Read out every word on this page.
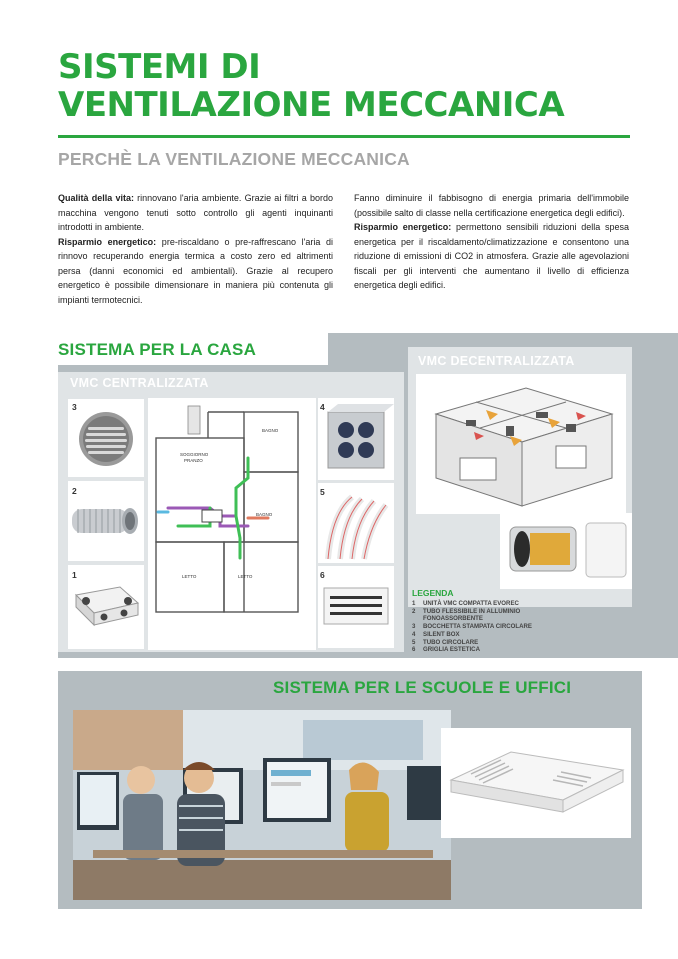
SISTEMI DI
VENTILAZIONE MECCANICA
PERCHÈ LA VENTILAZIONE MECCANICA

Qualità della vita: rinnovano l'aria ambiente. Grazie ai filtri a bordo macchina vengono tenuti sotto controllo gli agenti inquinanti introdotti in ambiente.

Risparmio energetico: pre-riscaldano o pre-raffrescano l'aria di rinnovo recuperando energia termica a costo zero ed altrimenti persa (danni economici ed ambientali). Grazie al recupero energetico è possibile dimensionare in maniera più contenuta gli impianti termotecnici.

Fanno diminuire il fabbisogno di energia primaria dell'immobile (possibile salto di classe nella certificazione energetica degli edifici).

Risparmio energetico: permettono sensibili riduzioni della spesa energetica per il riscaldamento/climatizzazione e consentono una riduzione di emissioni di CO2 in atmosfera. Grazie alle agevolazioni fiscali per gli interventi che aumentano il livello di efficienza energetica degli edifici.

SISTEMA PER LA CASA
VMC CENTRALIZZATA
3
2
1
BAGNO
SOGGIORNO
PRANZO
BAGNO
LETTO	LETTO
4
5
6
VMC DECENTRALIZZATA
LEGENDA
1 UNITÀ VMC COMPATTA EVOREC
2 TUBO FLESSIBILE IN ALLUMINIO
FONOASSORBENTE
3 BOCCHETTA STAMPATA CIRCOLARE
4 SILENT BOX
5 TUBO CIRCOLARE
6 GRIGLIA ESTETICA
SISTEMA PER LE SCUOLE E UFFICI
